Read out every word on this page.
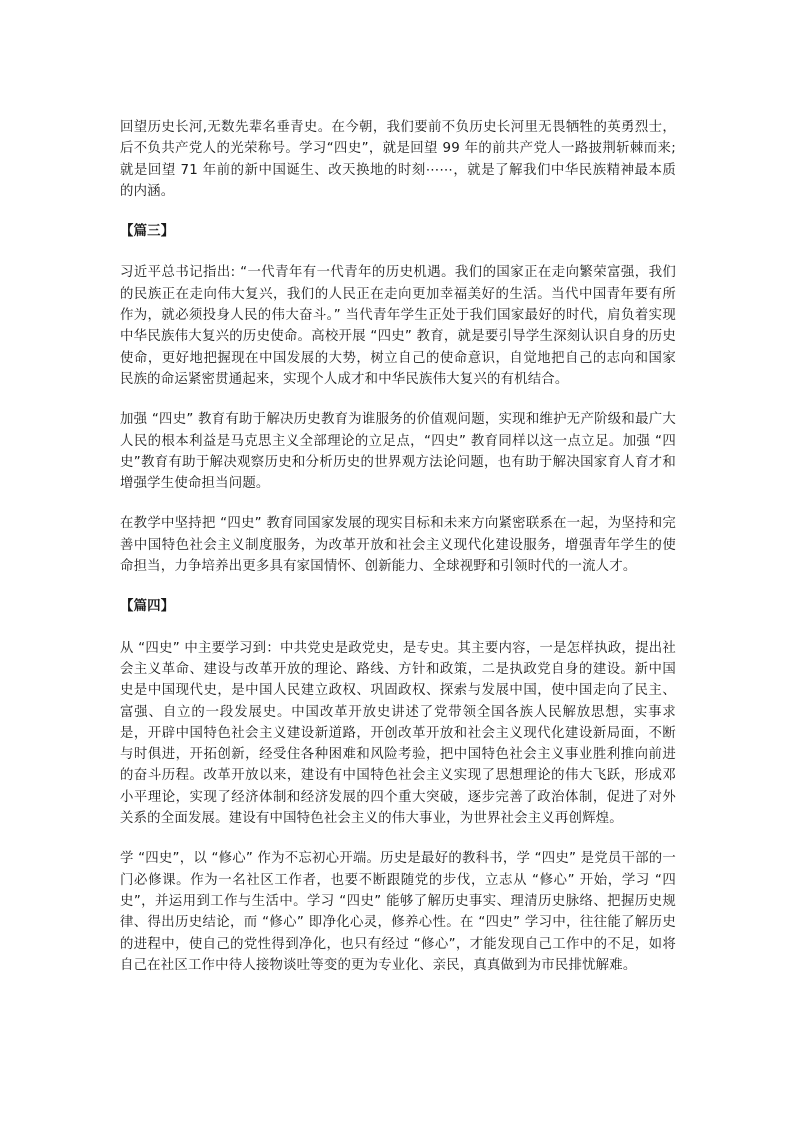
回望历史长河,无数先辈名垂青史。在今朝，我们要前不负历史长河里无畏牺牲的英勇烈士，后不负共产党人的光荣称号。学习“四史”，就是回望 99 年的前共产党人一路披荆斩棘而来;就是回望 71 年前的新中国诞生、改天换地的时刻⋯⋯，就是了解我们中华民族精神最本质的内涵。

【篇三】

习近平总书记指出: “一代青年有一代青年的历史机遇。我们的国家正在走向繁荣富强，我们的民族正在走向伟大复兴，我们的人民正在走向更加幸福美好的生活。当代中国青年要有所作为，就必须投身人民的伟大奋斗。” 当代青年学生正处于我们国家最好的时代，肩负着实现中华民族伟大复兴的历史使命。高校开展 “四史” 教育，就是要引导学生深刻认识自身的历史使命，更好地把握现在中国发展的大势，树立自己的使命意识，自觉地把自己的志向和国家民族的命运紧密贯通起来，实现个人成才和中华民族伟大复兴的有机结合。

加强 “四史” 教育有助于解决历史教育为谁服务的价值观问题，实现和维护无产阶级和最广大人民的根本利益是马克思主义全部理论的立足点，“四史” 教育同样以这一点立足。加强 “四史”教育有助于解决观察历史和分析历史的世界观方法论问题，也有助于解决国家育人育才和增强学生使命担当问题。

在教学中坚持把 “四史” 教育同国家发展的现实目标和未来方向紧密联系在一起，为坚持和完善中国特色社会主义制度服务，为改革开放和社会主义现代化建设服务，增强青年学生的使命担当，力争培养出更多具有家国情怀、创新能力、全球视野和引领时代的一流人才。

【篇四】

从 “四史” 中主要学习到：中共党史是政党史，是专史。其主要内容，一是怎样执政，提出社会主义革命、建设与改革开放的理论、路线、方针和政策，二是执政党自身的建设。新中国史是中国现代史，是中国人民建立政权、巩固政权、探索与发展中国，使中国走向了民主、富强、自立的一段发展史。中国改革开放史讲述了党带领全国各族人民解放思想，实事求是，开辟中国特色社会主义建设新道路，开创改革开放和社会主义现代化建设新局面，不断与时俱进，开拓创新，经受住各种困难和风险考验，把中国特色社会主义事业胜利推向前进的奋斗历程。改革开放以来，建设有中国特色社会主义实现了思想理论的伟大飞跃，形成邓小平理论，实现了经济体制和经济发展的四个重大突破，逐步完善了政治体制，促进了对外关系的全面发展。建设有中国特色社会主义的伟大事业，为世界社会主义再创辉煌。

学 “四史”，以 “修心” 作为不忘初心开端。历史是最好的教科书，学 “四史” 是党员干部的一门必修课。作为一名社区工作者，也要不断跟随党的步伐，立志从 “修心” 开始，学习 “四史”，并运用到工作与生活中。学习 “四史” 能够了解历史事实、理清历史脉络、把握历史规律、得出历史结论，而 “修心” 即净化心灵，修养心性。在 “四史” 学习中，往往能了解历史的进程中，使自己的党性得到净化，也只有经过 “修心”，才能发现自己工作中的不足，如将自己在社区工作中待人接物谈吐等变的更为专业化、亲民，真真做到为市民排忧解难。
